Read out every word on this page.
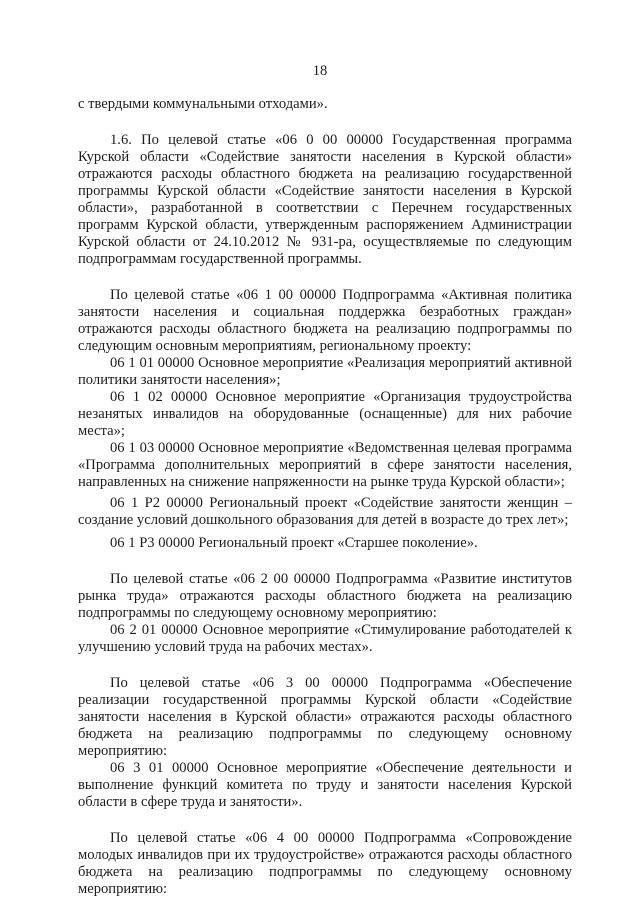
18

с твердыми коммунальными отходами».

1.6. По целевой статье «06 0 00 00000 Государственная программа Курской области «Содействие занятости населения в Курской области» отражаются расходы областного бюджета на реализацию государственной программы Курской области «Содействие занятости населения в Курской области», разработанной в соответствии с Перечнем государственных программ Курской области, утвержденным распоряжением Администрации Курской области от 24.10.2012 № 931-ра, осуществляемые по следующим подпрограммам государственной программы.

По целевой статье «06 1 00 00000 Подпрограмма «Активная политика занятости населения и социальная поддержка безработных граждан» отражаются расходы областного бюджета на реализацию подпрограммы по следующим основным мероприятиям, региональному проекту:

06 1 01 00000 Основное мероприятие «Реализация мероприятий активной политики занятости населения»;

06 1 02 00000 Основное мероприятие «Организация трудоустройства незанятых инвалидов на оборудованные (оснащенные) для них рабочие места»;

06 1 03 00000 Основное мероприятие «Ведомственная целевая программа «Программа дополнительных мероприятий в сфере занятости населения, направленных на снижение напряженности на рынке труда Курской области»;

06 1 P2 00000 Региональный проект «Содействие занятости женщин – создание условий дошкольного образования для детей в возрасте до трех лет»;

06 1 P3 00000 Региональный проект «Старшее поколение».

По целевой статье «06 2 00 00000 Подпрограмма «Развитие институтов рынка труда» отражаются расходы областного бюджета на реализацию подпрограммы по следующему основному мероприятию:

06 2 01 00000 Основное мероприятие «Стимулирование работодателей к улучшению условий труда на рабочих местах».

По целевой статье «06 3 00 00000 Подпрограмма «Обеспечение реализации государственной программы Курской области «Содействие занятости населения в Курской области» отражаются расходы областного бюджета на реализацию подпрограммы по следующему основному мероприятию:

06 3 01 00000 Основное мероприятие «Обеспечение деятельности и выполнение функций комитета по труду и занятости населения Курской области в сфере труда и занятости».

По целевой статье «06 4 00 00000 Подпрограмма «Сопровождение молодых инвалидов при их трудоустройстве» отражаются расходы областного бюджета на реализацию подпрограммы по следующему основному мероприятию:
